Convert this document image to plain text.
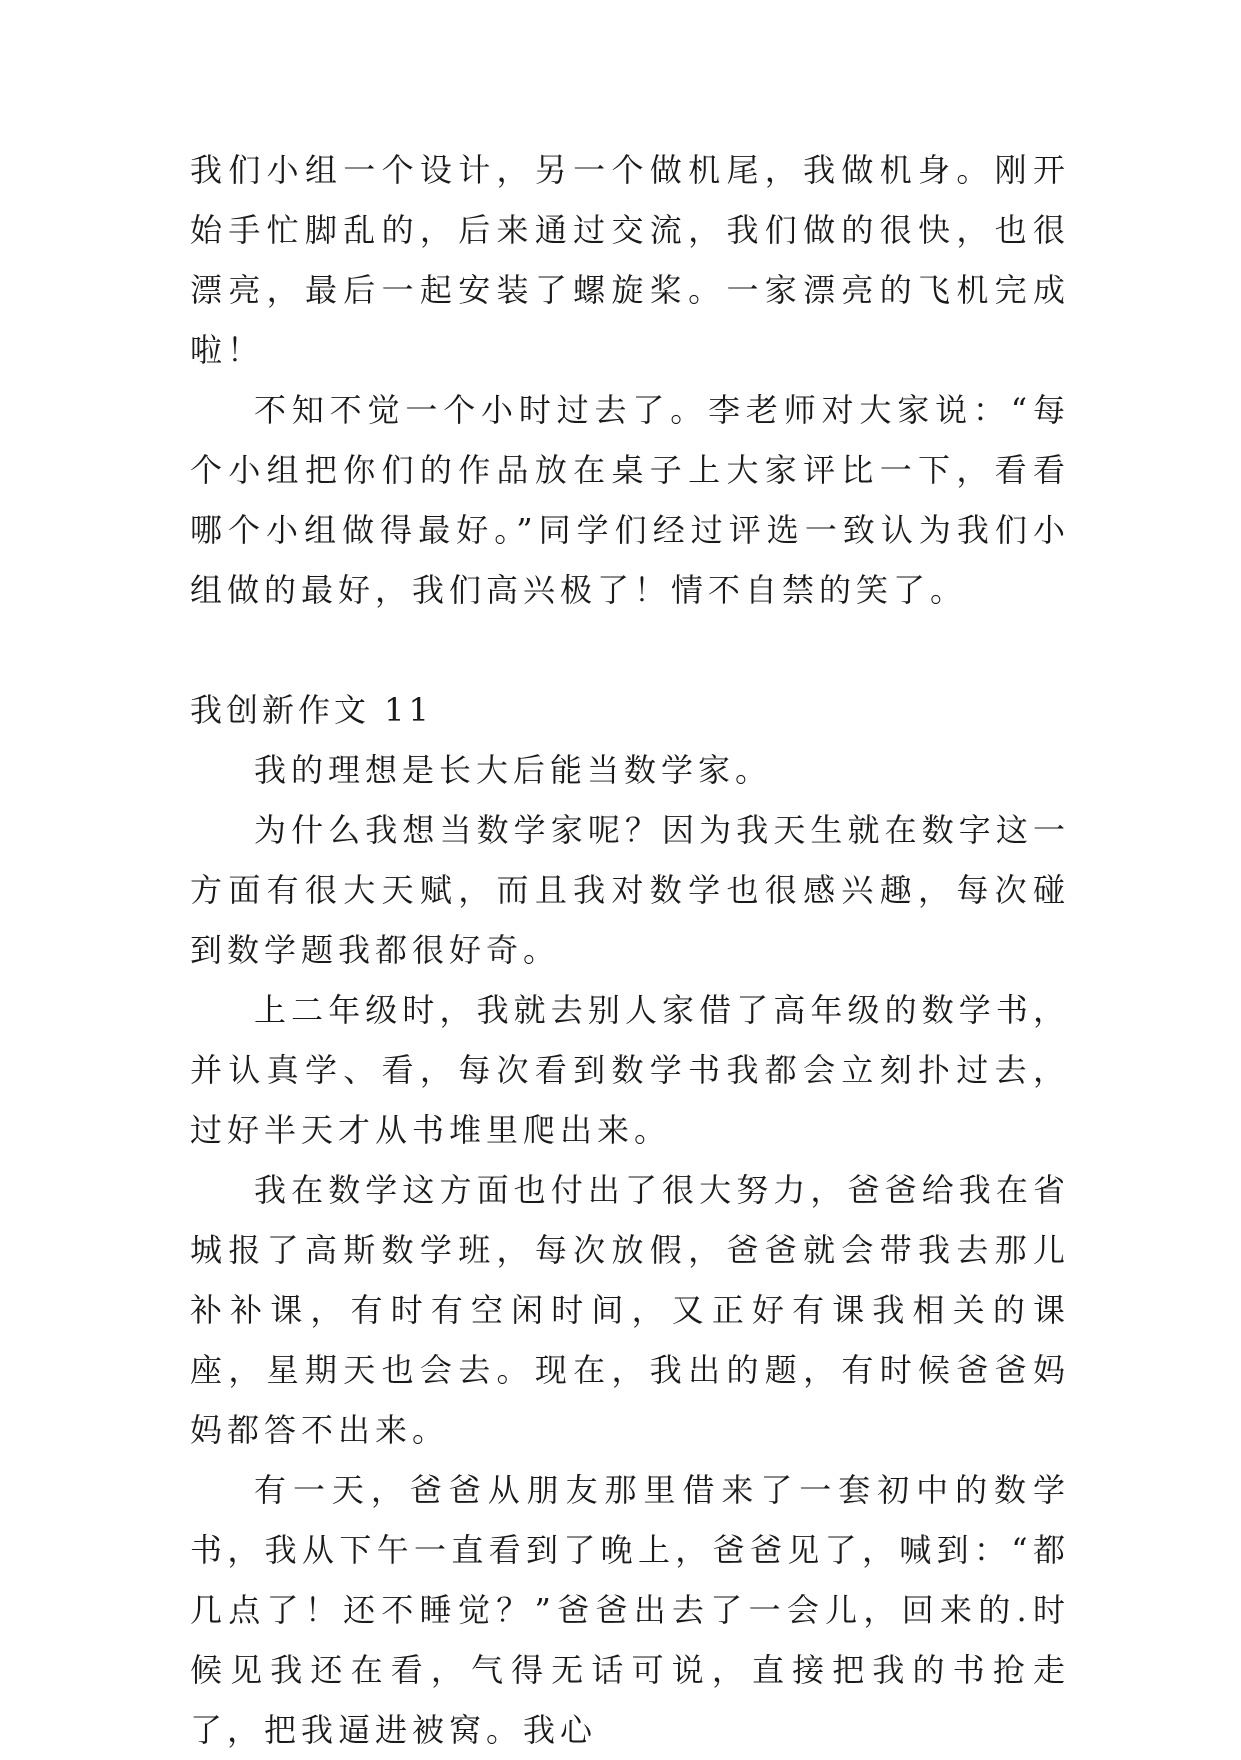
我们小组一个设计，另一个做机尾，我做机身。刚开始手忙脚乱的，后来通过交流，我们做的很快，也很漂亮，最后一起安装了螺旋桨。一家漂亮的飞机完成啦！

不知不觉一个小时过去了。李老师对大家说：“每个小组把你们的作品放在桌子上大家评比一下，看看哪个小组做得最好。”同学们经过评选一致认为我们小组做的最好，我们高兴极了！情不自禁的笑了。

我创新作文 11

我的理想是长大后能当数学家。

为什么我想当数学家呢？因为我天生就在数字这一方面有很大天赋，而且我对数学也很感兴趣，每次碰到数学题我都很好奇。

上二年级时，我就去别人家借了高年级的数学书，并认真学、看，每次看到数学书我都会立刻扑过去，过好半天才从书堆里爬出来。

我在数学这方面也付出了很大努力，爸爸给我在省城报了高斯数学班，每次放假，爸爸就会带我去那儿补补课，有时有空闲时间，又正好有课我相关的课座，星期天也会去。现在，我出的题，有时候爸爸妈妈都答不出来。

有一天，爸爸从朋友那里借来了一套初中的数学书，我从下午一直看到了晚上，爸爸见了，喊到：“都几点了！还不睡觉？”爸爸出去了一会儿，回来的.时候见我还在看，气得无话可说，直接把我的书抢走了，把我逼进被窝。我心
